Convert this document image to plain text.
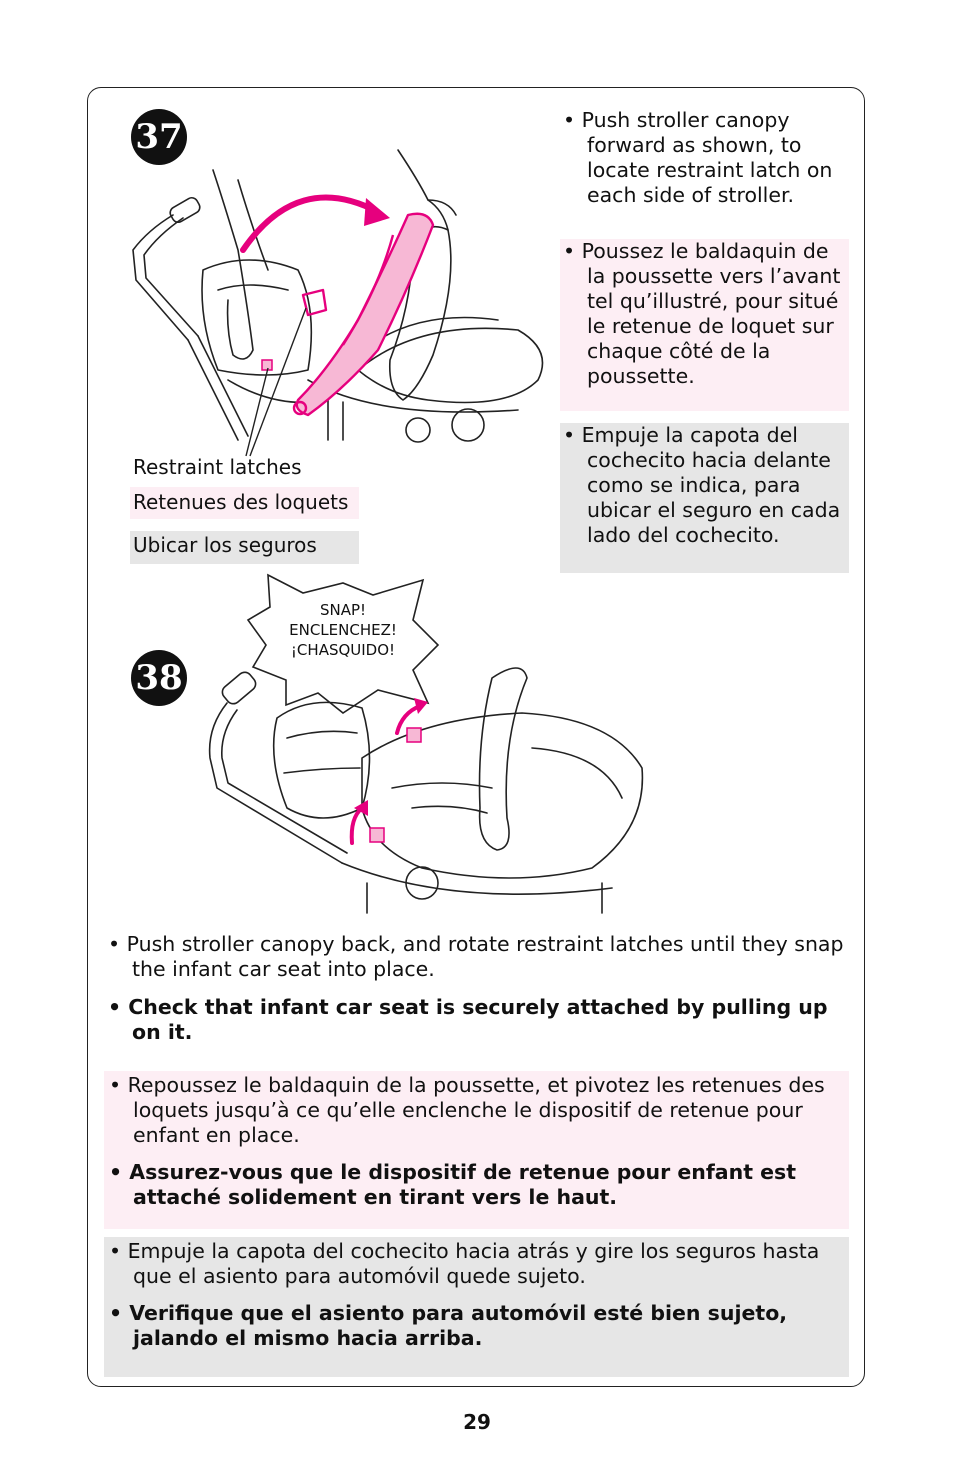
37	• Push stroller canopy forward as shown, to locate restraint latch on each side of stroller.

• Poussez le baldaquin de la poussette vers l’avant tel qu’illustré, pour situé le retenue de loquet sur chaque côté de la poussette.

• Empuje la capota del cochecito hacia delante como se indica, para ubicar el seguro en cada lado del cochecito.

Restraint latches
Retenues des loquets
Ubicar los seguros
38
SNAP!
ENCLENCHEZ!
¡CHASQUIDO!

• Push stroller canopy back, and rotate restraint latches until they snap the infant car seat into place.

• Check that infant car seat is securely attached by pulling up on it.

• Repoussez le baldaquin de la poussette, et pivotez les retenues des loquets jusqu’à ce qu’elle enclenche le dispositif de retenue pour enfant en place.

• Assurez-vous que le dispositif de retenue pour enfant est attaché solidement en tirant vers le haut.

• Empuje la capota del cochecito hacia atrás y gire los seguros hasta que el asiento para automóvil quede sujeto.

• Verifique que el asiento para automóvil esté bien sujeto, jalando el mismo hacia arriba.

29
